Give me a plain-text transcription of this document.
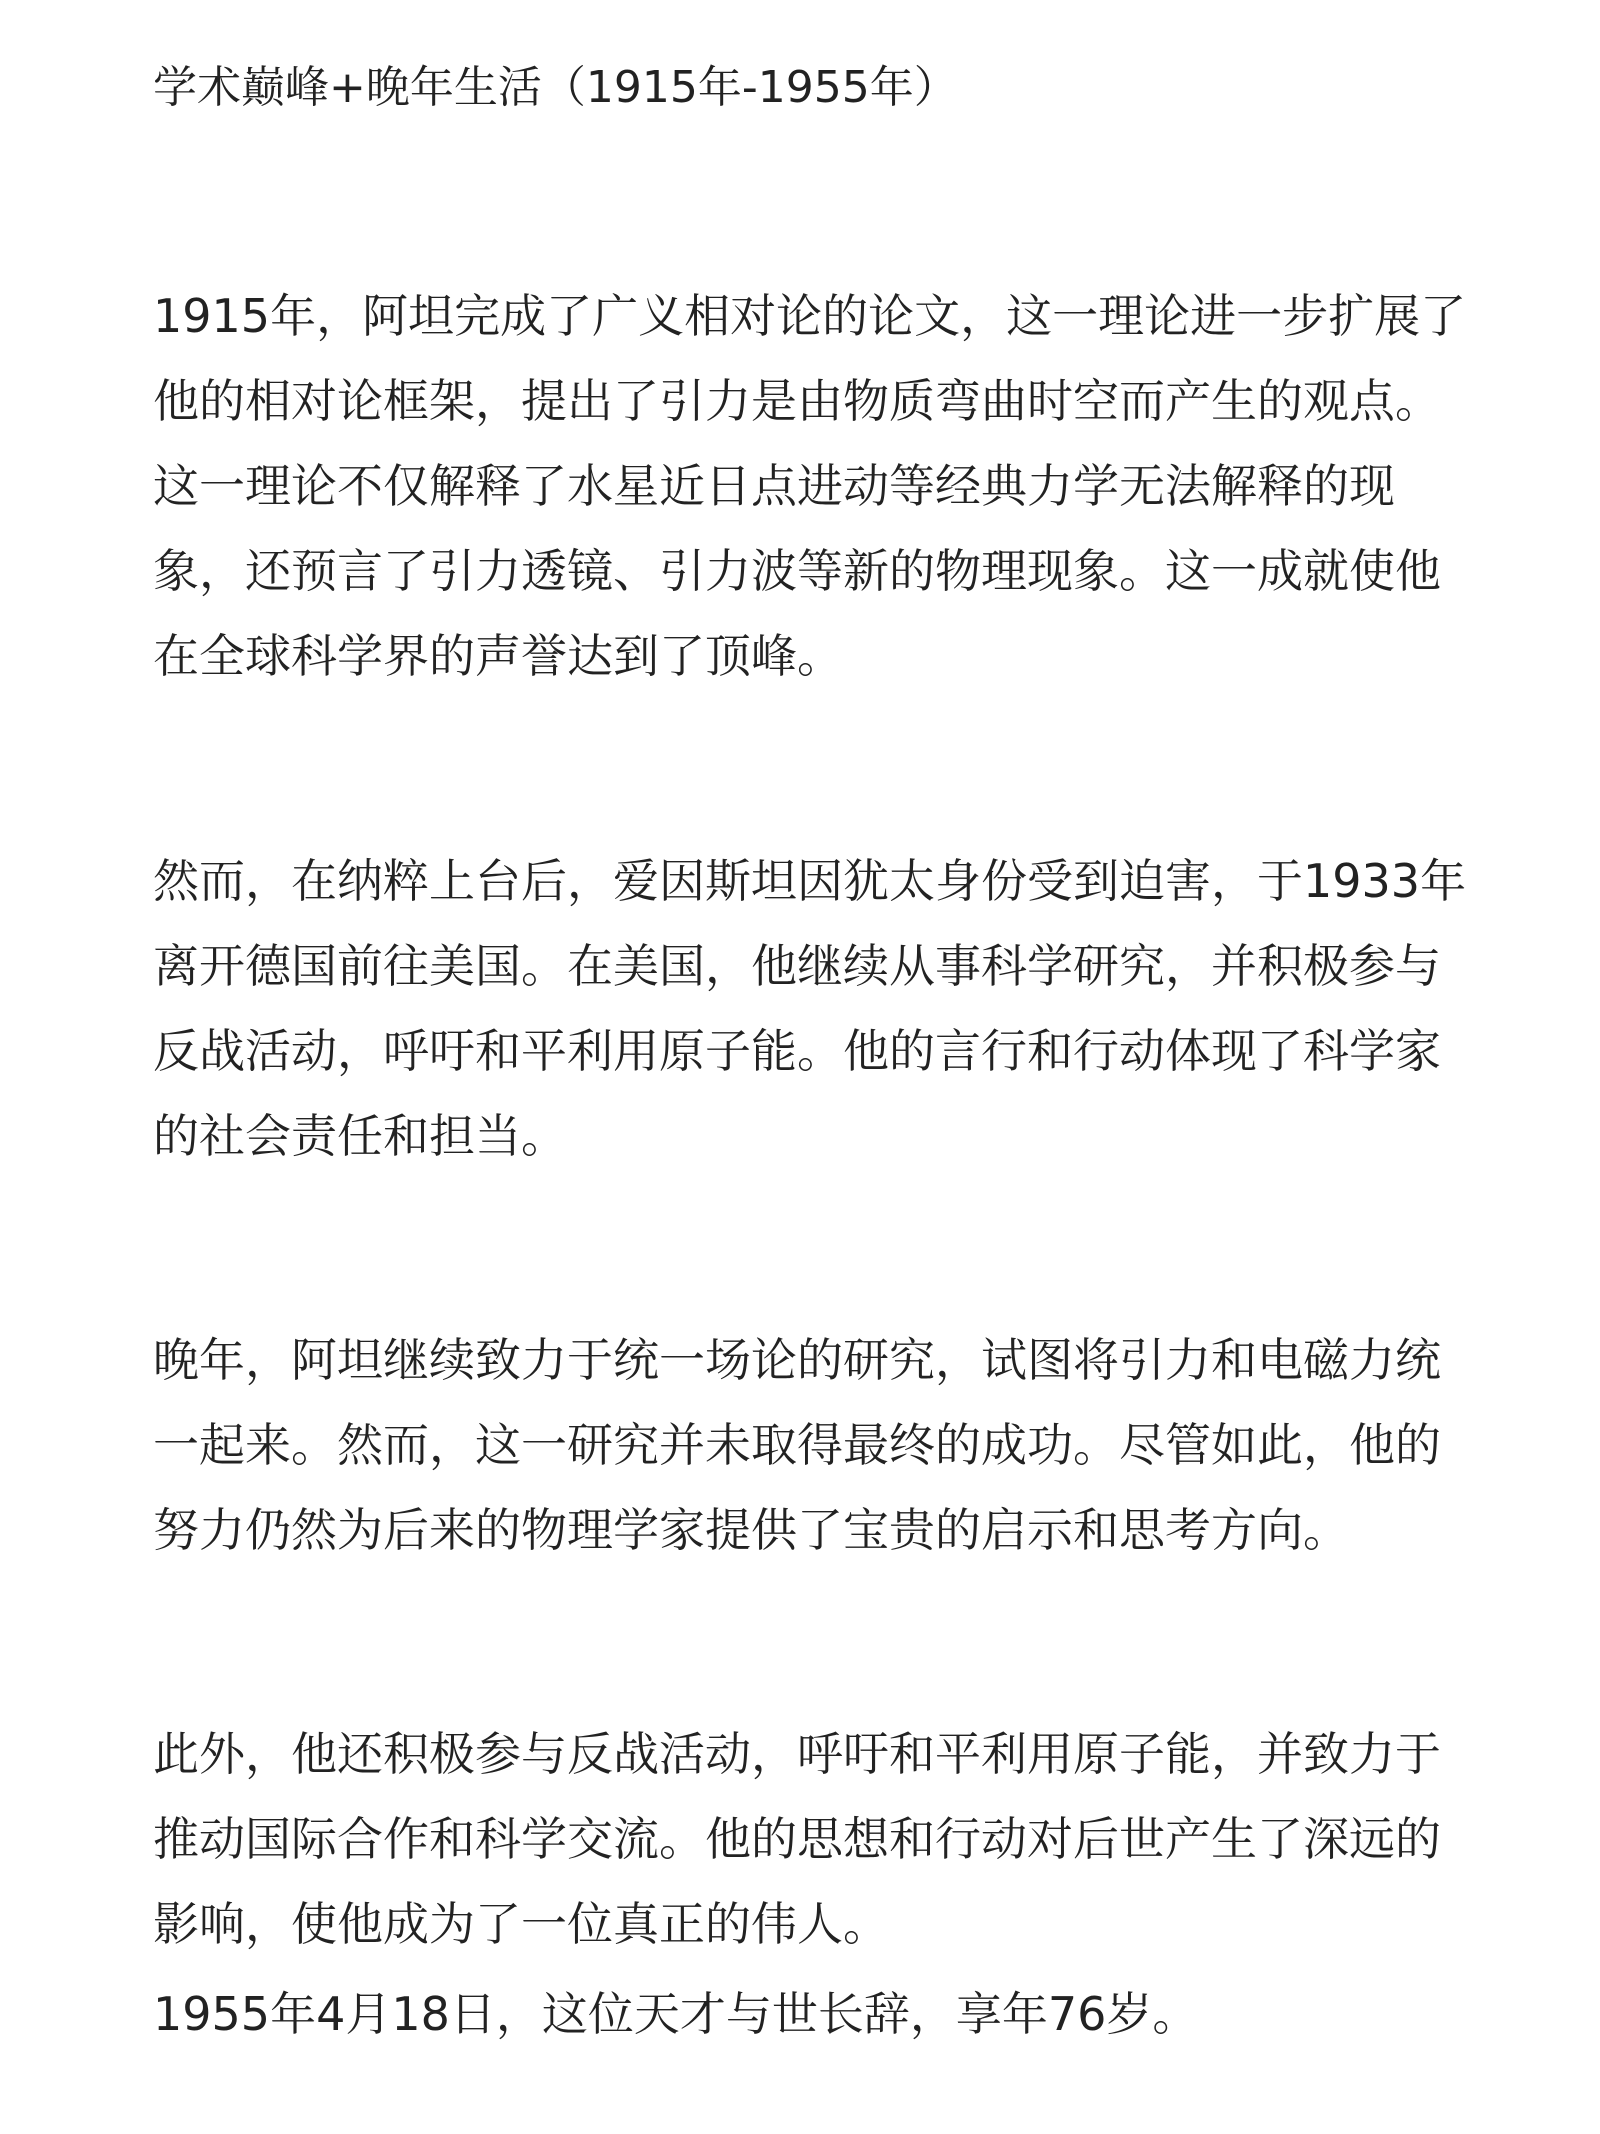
学术巅峰+晚年生活（1915年-1955年）

1915年，阿坦完成了广义相对论的论文，这一理论进一步扩展了
他的相对论框架，提出了引力是由物质弯曲时空而产生的观点。
这一理论不仅解释了水星近日点进动等经典力学无法解释的现
象，还预言了引力透镜、引力波等新的物理现象。这一成就使他
在全球科学界的声誉达到了顶峰。

然而，在纳粹上台后，爱因斯坦因犹太身份受到迫害，于1933年
离开德国前往美国。在美国，他继续从事科学研究，并积极参与
反战活动，呼吁和平利用原子能。他的言行和行动体现了科学家
的社会责任和担当。

晚年，阿坦继续致力于统一场论的研究，试图将引力和电磁力统
一起来。然而，这一研究并未取得最终的成功。尽管如此，他的
努力仍然为后来的物理学家提供了宝贵的启示和思考方向。

此外，他还积极参与反战活动，呼吁和平利用原子能，并致力于
推动国际合作和科学交流。他的思想和行动对后世产生了深远的
影响，使他成为了一位真正的伟人。

1955年4月18日，这位天才与世长辞，享年76岁。
